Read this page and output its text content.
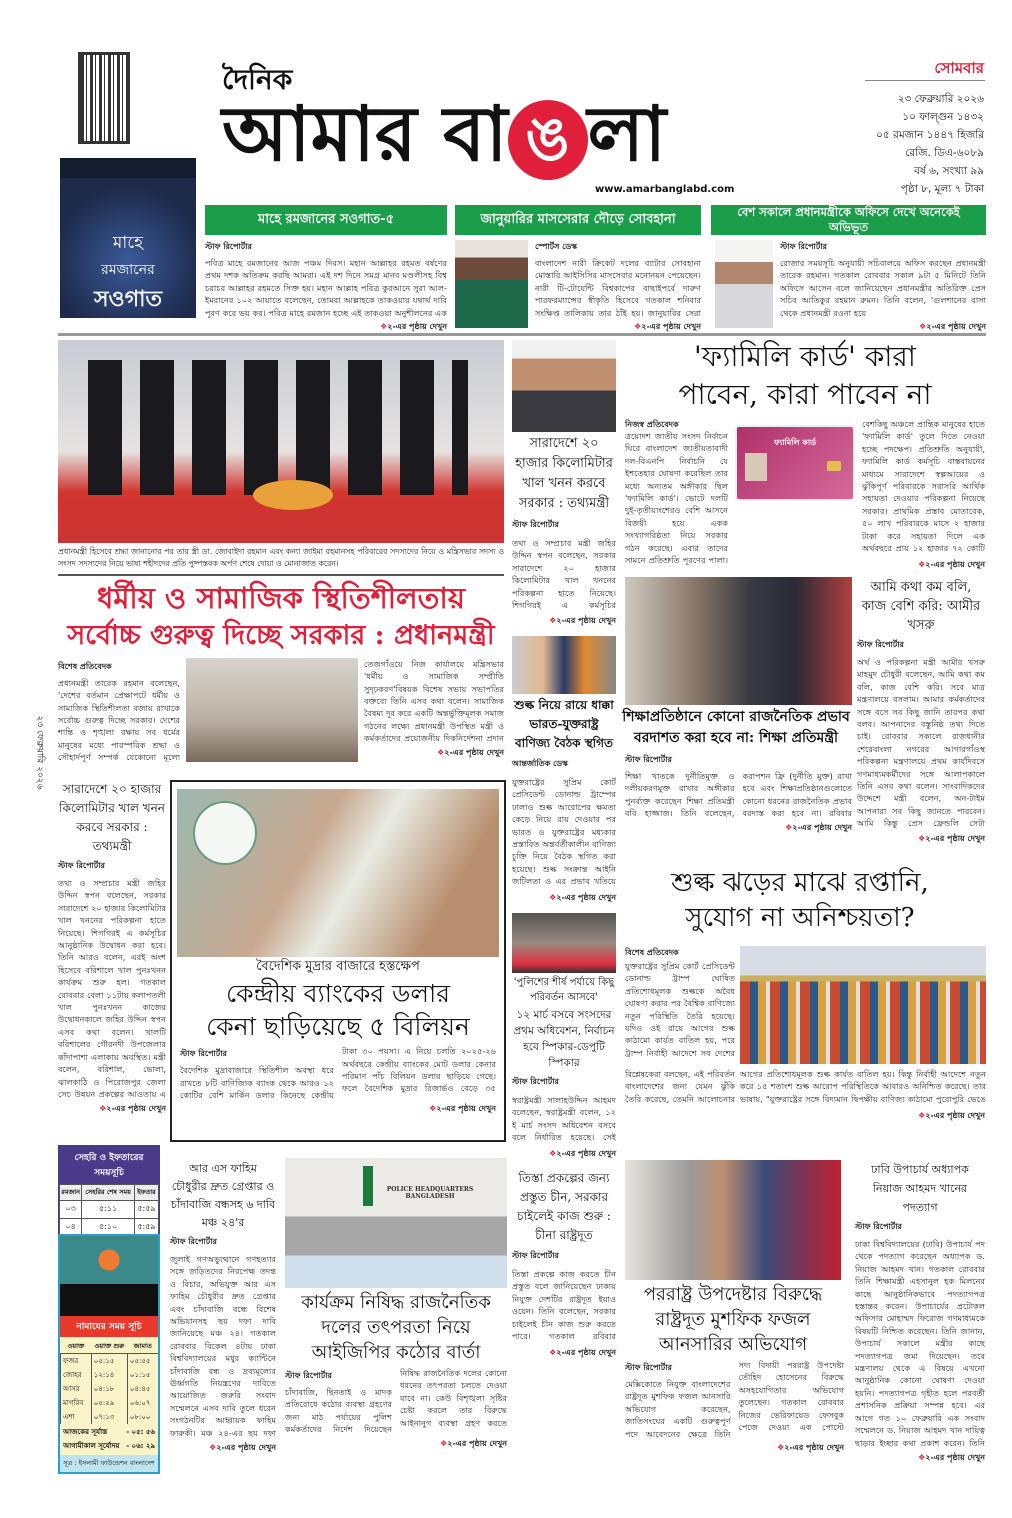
দৈনিক
আমার বা ঙ লা
www.amarbanglabd.com
সোমবার
২৩ ফেব্রুয়ারি ২০২৬
১০ ফাল্গুন ১৪৩২
০৫ রমজান ১৪৪৭ হিজরি
রেজি. ডিএ-৬০৮৯
বর্ষ ৬, সংখ্যা ৯৯
পৃষ্ঠা ৮, মূল্য ৭ টাকা
মাহে
রমজানের
সওগাত
মাহে রমজানের সওগাত-৫	জানুয়ারির মাসসেরার দৌড়ে সোবহানা	বেশ সকালে প্রধানমন্ত্রীকে অফিসে দেখে অনেকেই অভিভূত
স্টাফ রিপোর্টার
পবিত্র মাহে রমজানের আজ পঞ্চম দিবস। মহান আল্লাহর রহমত বর্ষণের প্রথম দশক অতিক্রম করছি আমরা। এই দশ দিনে সমগ্র মানব মণ্ডলীসহ বিশ্ব চরাচর আল্লাহর রহমতে সিক্ত হয়। মহান আল্লাহ পবিত্র কুরআনে সুরা আল-ইমরানের ১০২ আয়াতে বলেছেন, তোমরা আল্লাহকে তাকওয়ার যথার্থ দাবি পূরণ করে ভয় কর। পবিত্র মাহে রমজান হচ্ছে এই তাকওয়া অনুশীলনের এক
❖ ২-এর পৃষ্ঠায় দেখুন
স্পোর্টস ডেস্ক
বাংলাদেশ নারী ক্রিকেট দলের ব্যাটার সোবহানা মোস্তারি আইসিসির মাসসেরার মনোনয়ন পেয়েছেন। নারী টি-টোয়েন্টি বিশ্বকাপের বাছাইপর্বে দারুণ পারফরম্যান্সের স্বীকৃতি হিসেবে গতকাল শনিবার সংক্ষিপ্ত তালিকায় তার ঠাঁই হয়। জানুয়ারির সেরা
❖ ২-এর পৃষ্ঠায় দেখুন
স্টাফ রিপোর্টার
রোজার সময়সূচি অনুযায়ী সচিবালয়ে অফিস করছেন প্রধানমন্ত্রী তারেক রহমান। গতকাল রোববার সকাল ৯টা ৫ মিনিটে তিনি অফিসে আসেন বলে জানিয়েছেন প্রধানমন্ত্রীর অতিরিক্ত প্রেস সচিব আতিকুর রহমান রুমন। তিনি বলেন, 'গুলশানের বাসা থেকে প্রধানমন্ত্রী রওনা হয়ে
❖ ২-এর পৃষ্ঠায় দেখুন
প্রধানমন্ত্রী হিসেবে শ্রদ্ধা জানানোর পর তার স্ত্রী ডা. জোবাইদা রহমান এবং কন্যা জাইমা রহমানসহ পরিবারের সদস্যদের নিয়ে ও মন্ত্রিসভার সদস্য ও সংসদ সদস্যদের নিয়ে ভাষা শহীদদের প্রতি পুষ্পস্তবক অর্পণ শেষে দোয়া ও মোনাজাত করেন।
ধর্মীয় ও সামাজিক স্থিতিশীলতায়
সর্বোচ্চ গুরুত্ব দিচ্ছে সরকার : প্রধানমন্ত্রী
বিশেষ প্রতিবেদক
প্রধানমন্ত্রী তারেক রহমান বলেছেন, 'দেশের বর্তমান প্রেক্ষাপটে ধর্মীয় ও সামাজিক স্থিতিশীলতা বজায় রাখাকে সর্বোচ্চ গুরুত্ব দিচ্ছে সরকার। দেশের শান্তি ও শৃঙ্খলা রক্ষায় সব ধর্মের মানুষের মধ্যে পারস্পরিক শ্রদ্ধা ও সৌহার্দপূর্ণ সম্পর্ক যেকোনো মূল্যে
তেজগাঁওয়ে নিজ কার্যালয়ে মন্ত্রিসভার 'ধর্মীয় ও সামাজিক সম্প্রীতি সুদৃঢ়করণ'বিষয়ক বিশেষ সভায় সভাপতির বক্তব্যে তিনি এসব কথা বলেন। সামাজিক বৈষম্য দূর করে একটি অন্তর্ভুক্তিমূলক সমাজ গঠনের লক্ষ্যে প্রধানমন্ত্রী উপস্থিত মন্ত্রী ও কর্মকর্তাদের প্রয়োজনীয় দিকনির্দেশনা প্রদান
❖ ২-এর পৃষ্ঠায় দেখুন
সারাদেশে ২০ হাজার কিলোমিটার খাল খনন করবে সরকার : তথ্যমন্ত্রী
স্টাফ রিপোর্টার
তথ্য ও সম্প্রচার মন্ত্রী জহির উদ্দিন স্বপন বলেছেন, সরকার সারাদেশে ২০ হাজার কিলোমিটার খাল খননের পরিকল্পনা হাতে নিয়েছে। শিগগিরই এ কর্মসূচির
❖ ২-এর পৃষ্ঠায় দেখুন
শুল্ক নিয়ে রায়ে ধাক্কা ভারত-যুক্তরাষ্ট্র বাণিজ্য বৈঠক স্থগিত
আন্তর্জাতিক ডেস্ক
যুক্তরাষ্ট্রের সুপ্রিম কোর্ট প্রেসিডেন্ট ডোনাল্ড ট্রাম্পের ঢালাও শুল্ক আরোপের ক্ষমতা কেড়ে নিয়ে রায় দেওয়ার পর ভারত ও যুক্তরাষ্ট্রের মধ্যকার প্রস্তাবিত অন্তর্বর্তীকালীন বাণিজ্য চুক্তি নিয়ে বৈঠক স্থগিত করা হয়েছে। শুল্ক সংক্রান্ত আইনি জটিলতা ও এর প্রভাব খতিয়ে
❖ ২-এর পৃষ্ঠায় দেখুন
'পুলিশের শীর্ষ পর্যায়ে কিছু পরিবর্তন আসবে'
১২ মার্চ বসবে সংসদের প্রথম অধিবেশন, নির্বাচন হবে স্পিকার-ডেপুটি স্পিকার
স্টাফ রিপোর্টার
স্বরাষ্ট্রমন্ত্রী সালাহউদ্দিন আহমদ বলেছেন, স্বরাষ্ট্রমন্ত্রী বলেন, ১২ ই মার্চ সংসদ অধিবেশন বসবে বলে নির্ধারিত হয়েছে। সেই
❖ ২-এর পৃষ্ঠায় দেখুন
তিস্তা প্রকল্পের জন্য প্রস্তুত চীন, সরকার চাইলেই কাজ শুরু : চীনা রাষ্ট্রদূত
স্টাফ রিপোর্টার
তিস্তা প্রকল্পে কাজ করতে চীন প্রস্তুত বলে জানিয়েছেন ঢাকায় নিযুক্ত দেশটির রাষ্ট্রদূত ইয়াও ওয়েন। তিনি বলেছেন, সরকার চাইলেই চীন কাজ শুরু করতে পারে। গতকাল রবিবার
❖ ২-এর পৃষ্ঠায় দেখুন
'ফ্যামিলি কার্ড' কারা
পাবেন, কারা পাবেন না
নিজস্ব প্রতিবেদক
ফ্যামিলি কার্ড
ত্রয়োদশ জাতীয় সংসদ নির্বাচন ঘিরে বাংলাদেশ জাতীয়তাবাদী দল-বিএনপি নির্বাচনি যে ইশতেহার ঘোষণা করেছিল তার মধ্যে অন্যতম অঙ্গীকার ছিল 'ফ্যামিলি কার্ড'। ভোটে দলটি দুই-তৃতীয়াংশেরও বেশি আসনে বিজয়ী হয়ে একক সংখ্যাগরিষ্ঠতা নিয়ে সরকার গঠন করেছে। এবার তাদের সামনে প্রতিশ্রুতি পূরণের পালা।
বেশকিছু অঞ্চলে প্রান্তিক মানুষের হাতে 'ফ্যামিলি কার্ড' তুলে দিতে নেওয়া হচ্ছে পদক্ষেপ। প্রতিশ্রুতি অনুযায়ী, ফ্যামিলি কার্ড কর্মসূচি বাস্তবায়নের মাধ্যমে সারাদেশে স্বল্পআয়ের ও ঝুঁকিপূর্ণ পরিবারকে সরাসরি আর্থিক সহায়তা দেওয়ার পরিকল্পনা নিয়েছে সরকার। প্রাথমিক প্রস্তাব মোতাবেক, ৫০ লাখ পরিবারকে মাসে ২ হাজার টাকা করে সহায়তা দিলে এক অর্থবছরে প্রায় ১২ হাজার ৭২ কোটি
❖ ২-এর পৃষ্ঠায় দেখুন
শিক্ষাপ্রতিষ্ঠানে কোনো রাজনৈতিক প্রভাব
বরদাশত করা হবে না: শিক্ষা প্রতিমন্ত্রী
স্টাফ রিপোর্টার
শিক্ষা খাতকে দুর্নীতিমুক্ত ও দলীয়করণমুক্ত রাখার অঙ্গীকার পুনর্ব্যক্ত করেছেন শিক্ষা প্রতিমন্ত্রী ববি হাজ্জাজ। তিনি বলেছেন,
করাপশন ফ্রি (দুর্নীতি মুক্ত) রাখা হবে এবং শিক্ষাপ্রতিষ্ঠানগুলোতে কোনো ধরনের রাজনৈতিক প্রভাব বরদাস্ত করা হবে না। রবিবার
❖ ২-এর পৃষ্ঠায় দেখুন
আমি কথা কম বলি, কাজ বেশি করি: আমীর খসরু
স্টাফ রিপোর্টার
অর্থ ও পরিকল্পনা মন্ত্রী আমীর খসরু মাহমুদ চৌধুরী বলেছেন, আমি কথা কম বলি, কাজ বেশি করি। সবে মাত্র মন্ত্রণালয়ে বসলাম। আমার কর্মকর্তাদের সঙ্গে বসে সব কিছু জানি তারপর কথা বলব। আপনাদের বস্তুনিষ্ঠ তথ্য দিতে চাই। রোববার সকালে রাজধানীর শেরেবাংলা নগরের আগারগাঁওস্থ পরিকল্পনা মন্ত্রণালয়ে প্রথম কার্যদিবসে গণমাধ্যমকর্মীদের সঙ্গে আলাপকালে তিনি এসব কথা বলেন। সাংবাদিকদের উদ্দেশে মন্ত্রী বলেন, অন-টাইম আপনারা সব কিছু জানতে পারবেন। আমি কিন্তু প্রেস ফ্রেন্ডলি সেটা
❖ ২-এর পৃষ্ঠায় দেখুন
শুল্ক ঝড়ের মাঝে রপ্তানি,
সুযোগ না অনিশ্চয়তা?
বিশেষ প্রতিবেদক
যুক্তরাষ্ট্রের সুপ্রিম কোর্ট প্রেসিডেন্ট ডোনাল্ড ট্রাম্প ঘোষিত প্রতিশোধমূলক শুল্ককে অবৈধ ঘোষণা করার পর বৈশ্বিক বাণিজ্যে নতুন পরিস্থিতি তৈরি হয়েছে। যদিও ওই রায়ে আগের শুল্ক কাঠামো কার্যত বাতিল হয়, পরে ট্রাম্প নির্বাহী আদেশে সব দেশের
বিশ্লেষকেরা বলছেন, এই পরিবর্তন বাংলাদেশের জন্য যেমন ঝুঁকি তৈরি করেছে, তেমনি আলোচনার
আগের প্রতিশোধমূলক শুল্ক কার্যত বাতিল হয়। কিন্তু নির্বাহী আদেশে নতুন করে ১৫ শতাংশ শুল্ক আরোপ পরিস্থিতিকে আবারও অনিশ্চিত করেছে। তার ভাষায়, "যুক্তরাষ্ট্রের সঙ্গে বিদ্যমান দ্বিপক্ষীয় বাণিজ্য কাঠামো পুরোপুরি ভেঙে
❖ ২-এর পৃষ্ঠায় দেখুন
২৩ ফেব্রুয়ারি ২০২৬	সারাদেশে ২০ হাজার কিলোমিটার খাল খনন করবে সরকার : তথ্যমন্ত্রী
স্টাফ রিপোর্টার
তথ্য ও সম্প্রচার মন্ত্রী জহির উদ্দিন স্বপন বলেছেন, সরকার সারাদেশে ২০ হাজার কিলোমিটার খাল খননের পরিকল্পনা হাতে নিয়েছে। শিগগিরই এ কর্মসূচির আনুষ্ঠানিক উদ্বোধন করা হবে। তিনি আরও বলেন, এরই অংশ হিসেবে বরিশালে খাল পুনঃখনন কার্যক্রম শুরু হল। গতকাল রোববার বেলা ১১টায় কলাপতলী খাল পুনঃখনন কাজের উদ্বোধনকালে জহির উদ্দিন স্বপন এসব কথা বলেন। খালটি বরিশালের গৌরনদী উপজেলার কাঁদাপাশা এলাকায় অবস্থিত। মন্ত্রী বলেন, বরিশাল, ভোলা, ঝালকাঠি ও পিরোজপুর জেলা সেচ উন্নয়ন প্রকল্পের আওতায় এ
❖ ২-এর পৃষ্ঠায় দেখুন
বৈদেশিক মুদ্রার বাজারে হস্তক্ষেপ
কেন্দ্রীয় ব্যাংকের ডলার
কেনা ছাড়িয়েছে ৫ বিলিয়ন
স্টাফ রিপোর্টার
বৈদেশিক মুদ্রাবাজারে স্থিতিশীল অবস্থা ধরে রাখতে ৮টি বাণিজ্যিক ব্যাংক থেকে আরও ১২ কোটির বেশি মার্কিন ডলার কিনেছে কেন্দ্রীয়
টাকা ৩০ পয়সা। এ নিয়ে চলতি ২০২৫-২৬ অর্থবছরে কেন্দ্রীয় ব্যাংকের মোট ডলার কেনার পরিমাণ পাঁচ বিলিয়ন ডলার ছাড়িয়ে গেছে। ফলে বৈদেশিক মুদ্রার রিজার্ভও বেড়ে ৩৫
❖ ২-এর পৃষ্ঠায় দেখুন
সেহরি ও ইফতারের সময়সূচি
রমজান	সেহরির শেষ সময়	ইফতার
০৩	৫:১১	৫:৫৯
০৪	৫:১০	৫:৫৯
নামাযের সময় সূচি
ওয়াক্ত	ওয়াক্ত শুরু	জামাত
ফজর	০৫:১৫	০৫:৫৫
জোহর	১২:১৪	০১:১৫
আসর	০৪:১৮	০৪:৪৫
মাগরিব	০৫:৫৯	০৬:০৭
এশা	০৭:১৩	০৮:০০
আজকের সূর্যাস্ত	- ০৫: ৫৬
আগামীকাল সূর্যোদয় - ০৬: ২৯
সূত্র : ইসলামী ফাউন্ডেশন বাংলাদেশ
আর এস ফাহিম চৌধুরীর দ্রুত গ্রেপ্তার ও চাঁদাবাজি বন্ধসহ ৬ দাবি মঞ্চ ২৪'র
স্টাফ রিপোর্টার
জুলাই গণঅভ্যুত্থানে গণহত্যার সঙ্গে জড়িতদের নিরপেক্ষ তদন্ত ও বিচার, অভিযুক্ত আর এস ফাহিম চৌধুরীর দ্রুত গ্রেপ্তার এবং চাঁদাবাজি বন্ধে বিশেষ অভিযানসহ ছয় দফা দাবি জানিয়েছে মঞ্চ ২৪। গতকাল রোববার বিকেল ৪টায় ঢাকা বিশ্ববিদ্যালয়ের মধুর ক্যান্টিনে চাঁদাবাজি বন্ধ ও দ্রব্যমূল্যের ঊর্ধ্বগতি নিয়ন্ত্রণের দাবিতে আয়োজিত জরুরি সংবাদ সম্মেলনে এসব দাবি তুলে ধরেন সংগঠনটির আহ্বায়ক ফাহিম ফারুকী। মঞ্চ ২৪-এর ছয় দফা
❖ ২-এর পৃষ্ঠায় দেখুন
POLICE HEADQUARTERS BANGLADESH
কার্যক্রম নিষিদ্ধ রাজনৈতিক
দলের তৎপরতা নিয়ে
আইজিপির কঠোর বার্তা
স্টাফ রিপোর্টার
চাঁদাবাজি, ছিনতাই ও মাদক প্রতিরোধে কঠোর ব্যবস্থা গ্রহণের জন্য মাঠ পর্যায়ের পুলিশ কর্মকর্তাদের নির্দেশ দিয়েছেন
নিষিদ্ধ রাজনৈতিক দলের কোনো ধরনের তৎপরতা চলতে দেওয়া যাবে না। কেউ বিশৃঙ্খলা সৃষ্টির চেষ্টা করলে তার বিরুদ্ধে আইনানুগ ব্যবস্থা গ্রহণ করতে
❖ ২-এর পৃষ্ঠায় দেখুন
পররাষ্ট্র উপদেষ্টার বিরুদ্ধে
রাষ্ট্রদূত মুশফিক ফজল
আনসারির অভিযোগ
স্টাফ রিপোর্টার
মেক্সিকোতে নিযুক্ত বাংলাদেশের রাষ্ট্রদূত মুশফিক ফজল আনসারি অভিযোগ করেছেন, জাতিসংঘের একটি গুরুত্বপূর্ণ পদে আবেদনের ক্ষেত্রে তিনি
সদ্য বিদায়ী পররাষ্ট্র উপদেষ্টা তৌহিদ হোসেনের বিরুদ্ধে অসহযোগিতার অভিযোগ তুলেছেন। গতকাল রোববার নিজের ভেরিফায়েড ফেসবুক পেজে দেওয়া এক পোস্টে
❖ ২-এর পৃষ্ঠায় দেখুন
ঢাবি উপাচার্য অধ্যাপক নিয়াজ আহমদ খানের পদত্যাগ
স্টাফ রিপোর্টার
ঢাকা বিশ্ববিদ্যালয়ের (ঢাবি) উপাচার্য পদ থেকে পদত্যাগ করেছেন অধ্যাপক ড. নিয়াজ আহমদ খান। গতকাল রোববার তিনি শিক্ষামন্ত্রী এহসানুল হক মিলনের কাছে আনুষ্ঠানিকভাবে পদত্যাগপত্র হস্তান্তর করেন। উপাচার্যের প্রটোকল অফিসার মোহাম্মদ ফিরোজ গণমাধ্যমকে বিষয়টি নিশ্চিত করেছেন। তিনি জানান, উপাচার্য সকালে মন্ত্রীর কাছে পদত্যাগপত্র জমা দিয়েছেন। তবে মন্ত্রণালয় থেকে এ বিষয়ে এখনো আনুষ্ঠানিক কোনো ঘোষণা দেওয়া হয়নি। পদত্যাগপত্র গৃহীত হলে পরবর্তী প্রশাসনিক প্রক্রিয়া সম্পন্ন হবে। এর আগে গত ১০ ফেব্রুয়ারি এক সংবাদ সম্মেলনে ড. নিয়াজ আহমদ খান দায়িত্ব ছাড়ার ইচ্ছার কথা প্রকাশ করেন। তিনি
❖ ২-এর পৃষ্ঠায় দেখুন
